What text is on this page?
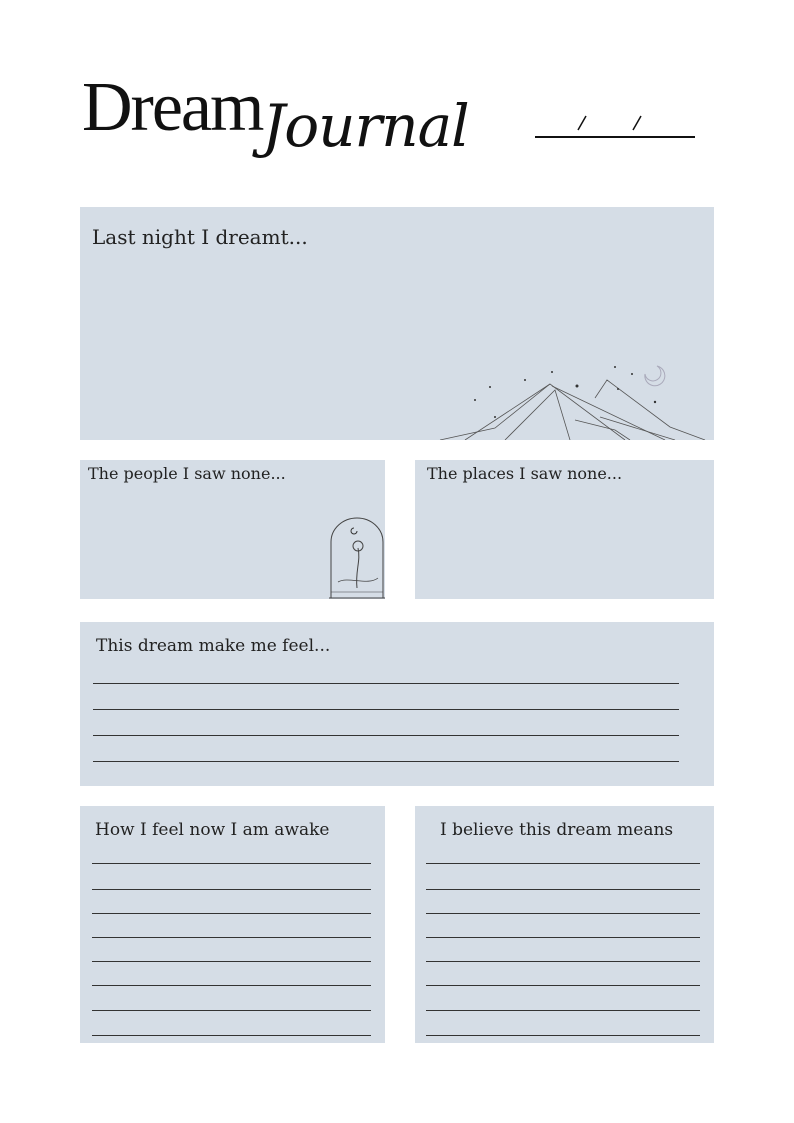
Dream Journal
Last night I dreamt...
The people I saw none...	The places I saw none...
This dream make me feel...
How I feel now I am awake	I believe this dream means
